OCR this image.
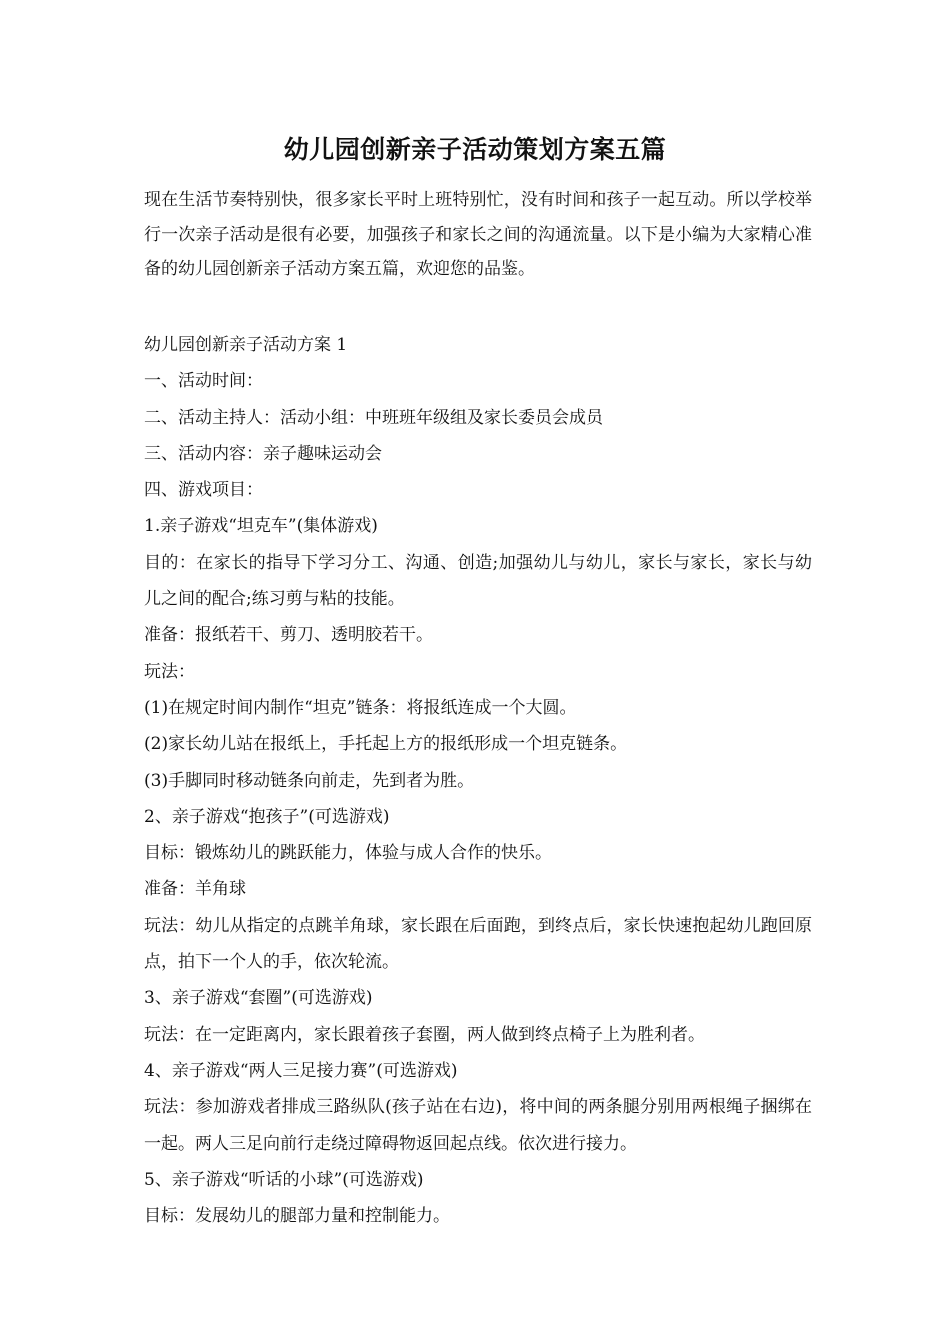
幼儿园创新亲子活动策划方案五篇

现在生活节奏特别快，很多家长平时上班特别忙，没有时间和孩子一起互动。所以学校举行一次亲子活动是很有必要，加强孩子和家长之间的沟通流量。以下是小编为大家精心准备的幼儿园创新亲子活动方案五篇，欢迎您的品鉴。

幼儿园创新亲子活动方案 1

一、活动时间：

二、活动主持人：活动小组：中班班年级组及家长委员会成员

三、活动内容：亲子趣味运动会

四、游戏项目：

1.亲子游戏“坦克车”(集体游戏)

目的：在家长的指导下学习分工、沟通、创造;加强幼儿与幼儿，家长与家长，家长与幼儿之间的配合;练习剪与粘的技能。

准备：报纸若干、剪刀、透明胶若干。

玩法：

(1)在规定时间内制作“坦克”链条：将报纸连成一个大圆。

(2)家长幼儿站在报纸上，手托起上方的报纸形成一个坦克链条。

(3)手脚同时移动链条向前走，先到者为胜。

2、亲子游戏“抱孩子”(可选游戏)

目标：锻炼幼儿的跳跃能力，体验与成人合作的快乐。

准备：羊角球

玩法：幼儿从指定的点跳羊角球，家长跟在后面跑，到终点后，家长快速抱起幼儿跑回原点，拍下一个人的手，依次轮流。

3、亲子游戏“套圈”(可选游戏)

玩法：在一定距离内，家长跟着孩子套圈，两人做到终点椅子上为胜利者。

4、亲子游戏“两人三足接力赛”(可选游戏)

玩法：参加游戏者排成三路纵队(孩子站在右边)，将中间的两条腿分别用两根绳子捆绑在一起。两人三足向前行走绕过障碍物返回起点线。依次进行接力。

5、亲子游戏“听话的小球”(可选游戏)

目标：发展幼儿的腿部力量和控制能力。
